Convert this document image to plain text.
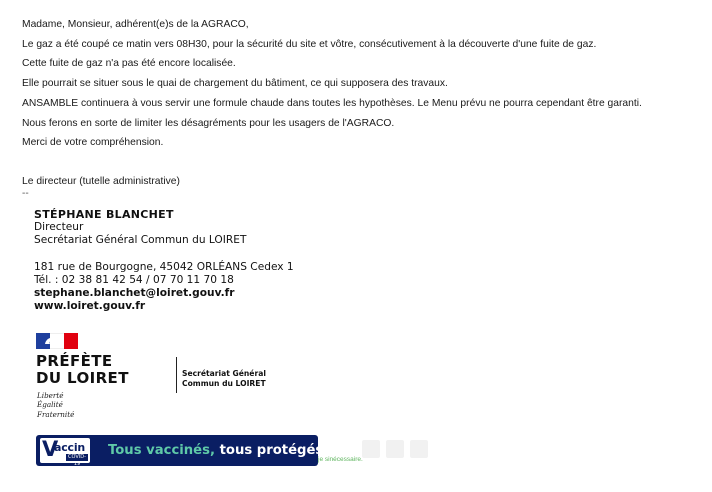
Madame, Monsieur, adhérent(e)s de la AGRACO,

Le gaz a été coupé ce matin vers 08H30, pour la sécurité du site et vôtre, consécutivement à la découverte d'une fuite de gaz.

Cette fuite de gaz n'a pas été encore localisée.

Elle pourrait se situer sous le quai de chargement du bâtiment, ce qui supposera des travaux.

ANSAMBLE continuera à vous servir une formule chaude dans toutes les hypothèses. Le Menu prévu ne pourra cependant être garanti.

Nous ferons en sorte de limiter les désagréments pour les usagers de l'AGRACO.

Merci de votre compréhension.

Le directeur (tutelle administrative)

--
STÉPHANE BLANCHET
Directeur
Secrétariat Général Commun du LOIRET
181 rue de Bourgogne, 45042 ORLÉANS Cedex 1
Tél. : 02 38 81 42 54 / 07 70 11 70 18
stephane.blanchet@loiret.gouv.fr
www.loiret.gouv.fr
PRÉFÈTE
DU LOIRET
Liberté
Égalité
Fraternité
Secrétariat Général
Commun du LOIRET
V
accin
COVID-19
Tous vaccinés, tous protégés.
je sinécessaire.
